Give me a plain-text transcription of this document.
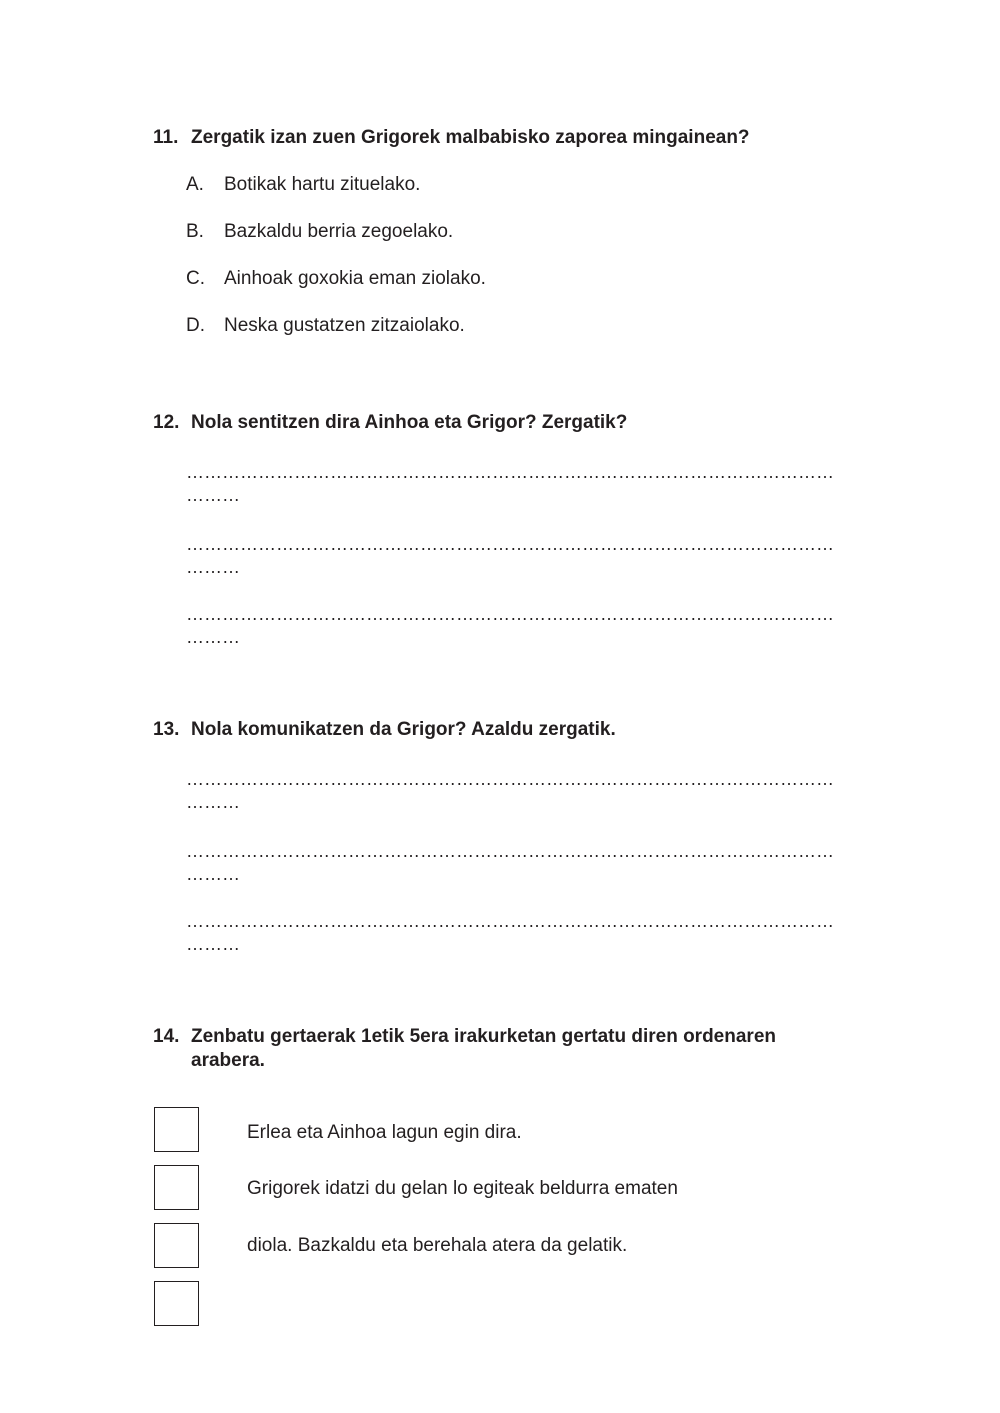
11. Zergatik izan zuen Grigorek malbabisko zaporea mingainean?
A. Botikak hartu zituelako.
B. Bazkaldu berria zegoelako.
C. Ainhoak goxokia eman ziolako.
D. Neska gustatzen zitzaiolako.
12. Nola sentitzen dira Ainhoa eta Grigor? Zergatik?
………………………………………………………………………………………………
………
………………………………………………………………………………………………
………
………………………………………………………………………………………………
………
13. Nola komunikatzen da Grigor? Azaldu zergatik.
………………………………………………………………………………………………
………
………………………………………………………………………………………………
………
………………………………………………………………………………………………
………
14. Zenbatu gertaerak 1etik 5era irakurketan gertatu diren ordenaren arabera.
Erlea eta Ainhoa lagun egin dira.
Grigorek idatzi du gelan lo egiteak beldurra ematen
diola. Bazkaldu eta berehala atera da gelatik.
